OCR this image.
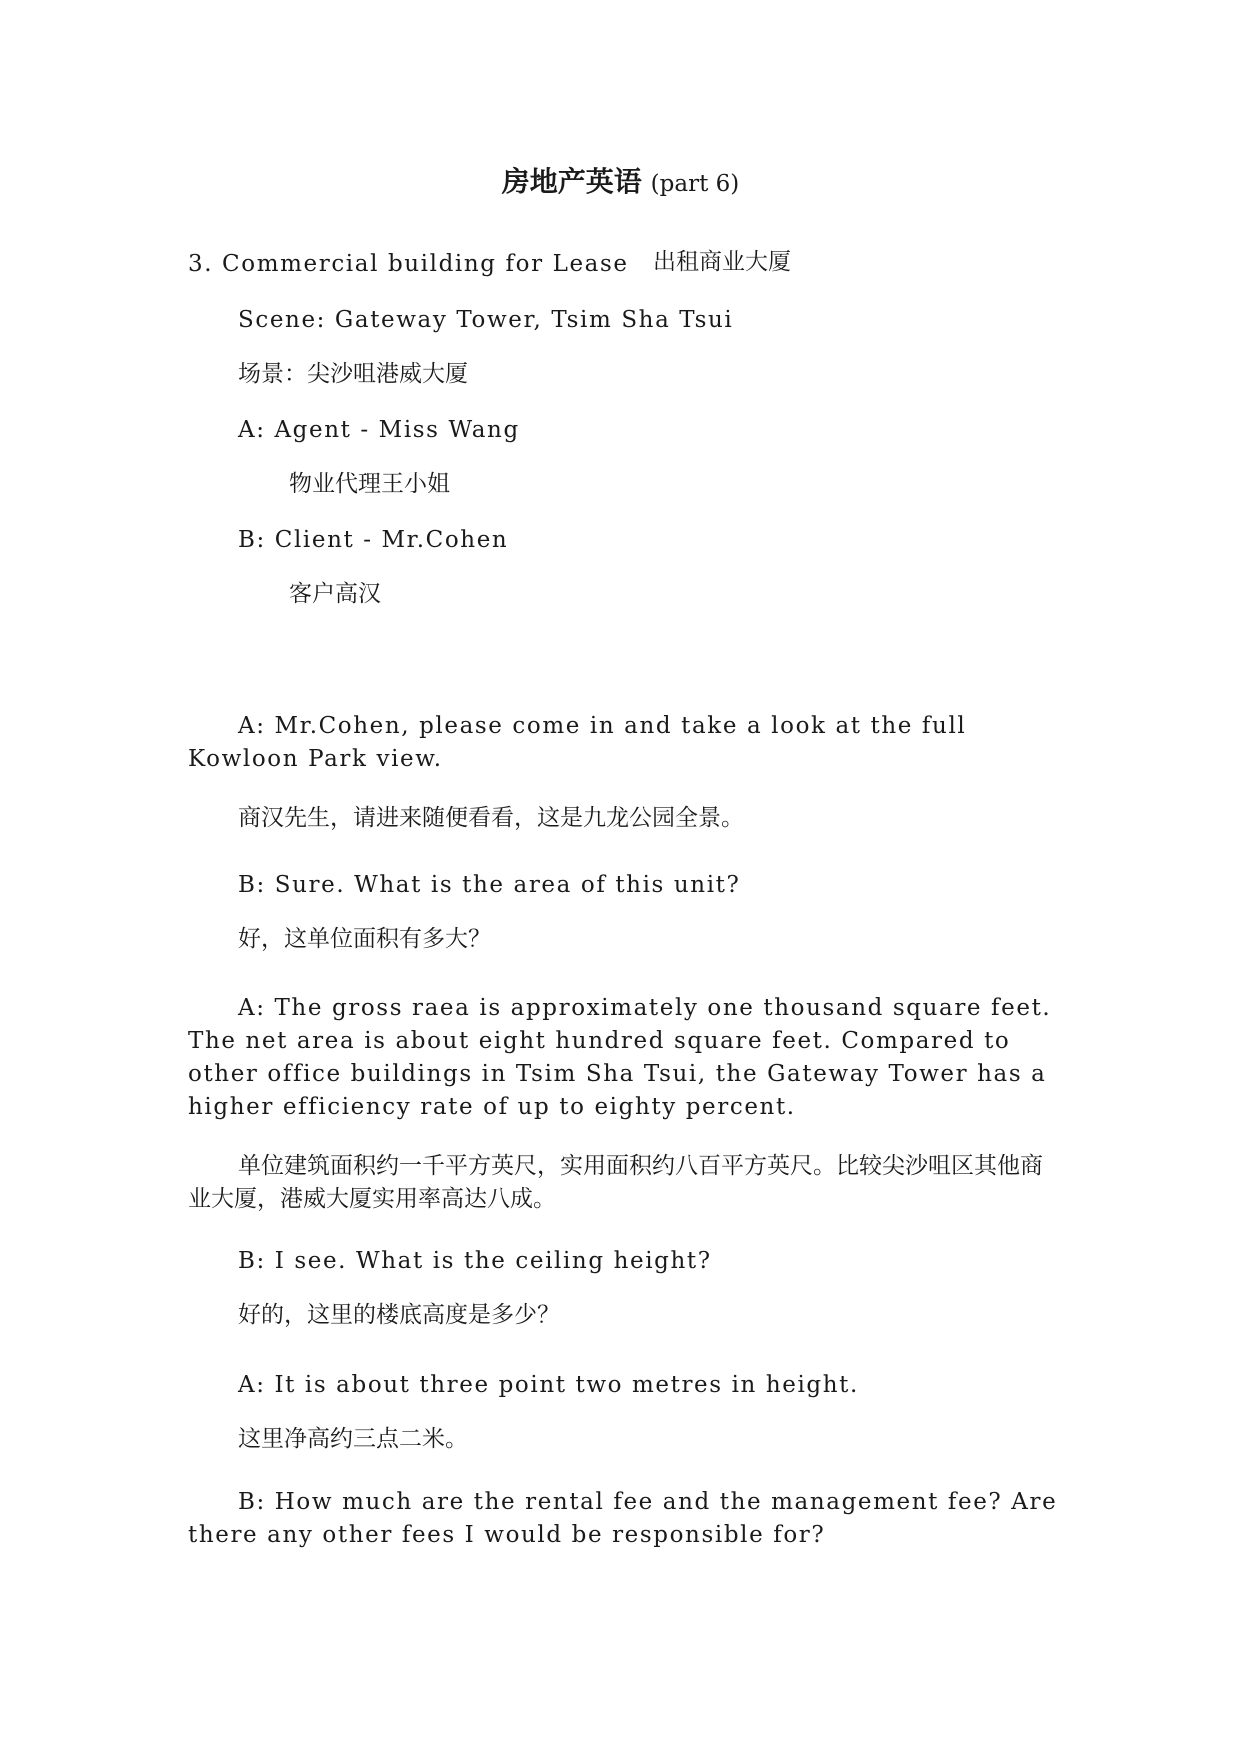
房地产英语 (part 6)
3. Commercial building for Lease 出租商业大厦
Scene: Gateway Tower, Tsim Sha Tsui
场景：尖沙咀港威大厦
A: Agent - Miss Wang
物业代理王小姐
B: Client - Mr.Cohen
客户高汉
A: Mr.Cohen, please come in and take a look at the full Kowloon Park view.
商汉先生，请进来随便看看，这是九龙公园全景。
B: Sure. What is the area of this unit?
好，这单位面积有多大？
A: The gross raea is approximately one thousand square feet. The net area is about eight hundred square feet. Compared to other office buildings in Tsim Sha Tsui, the Gateway Tower has a higher efficiency rate of up to eighty percent.
单位建筑面积约一千平方英尺，实用面积约八百平方英尺。比较尖沙咀区其他商业大厦，港威大厦实用率高达八成。
B: I see. What is the ceiling height?
好的，这里的楼底高度是多少？
A: It is about three point two metres in height.
这里净高约三点二米。
B: How much are the rental fee and the management fee? Are there any other fees I would be responsible for?
